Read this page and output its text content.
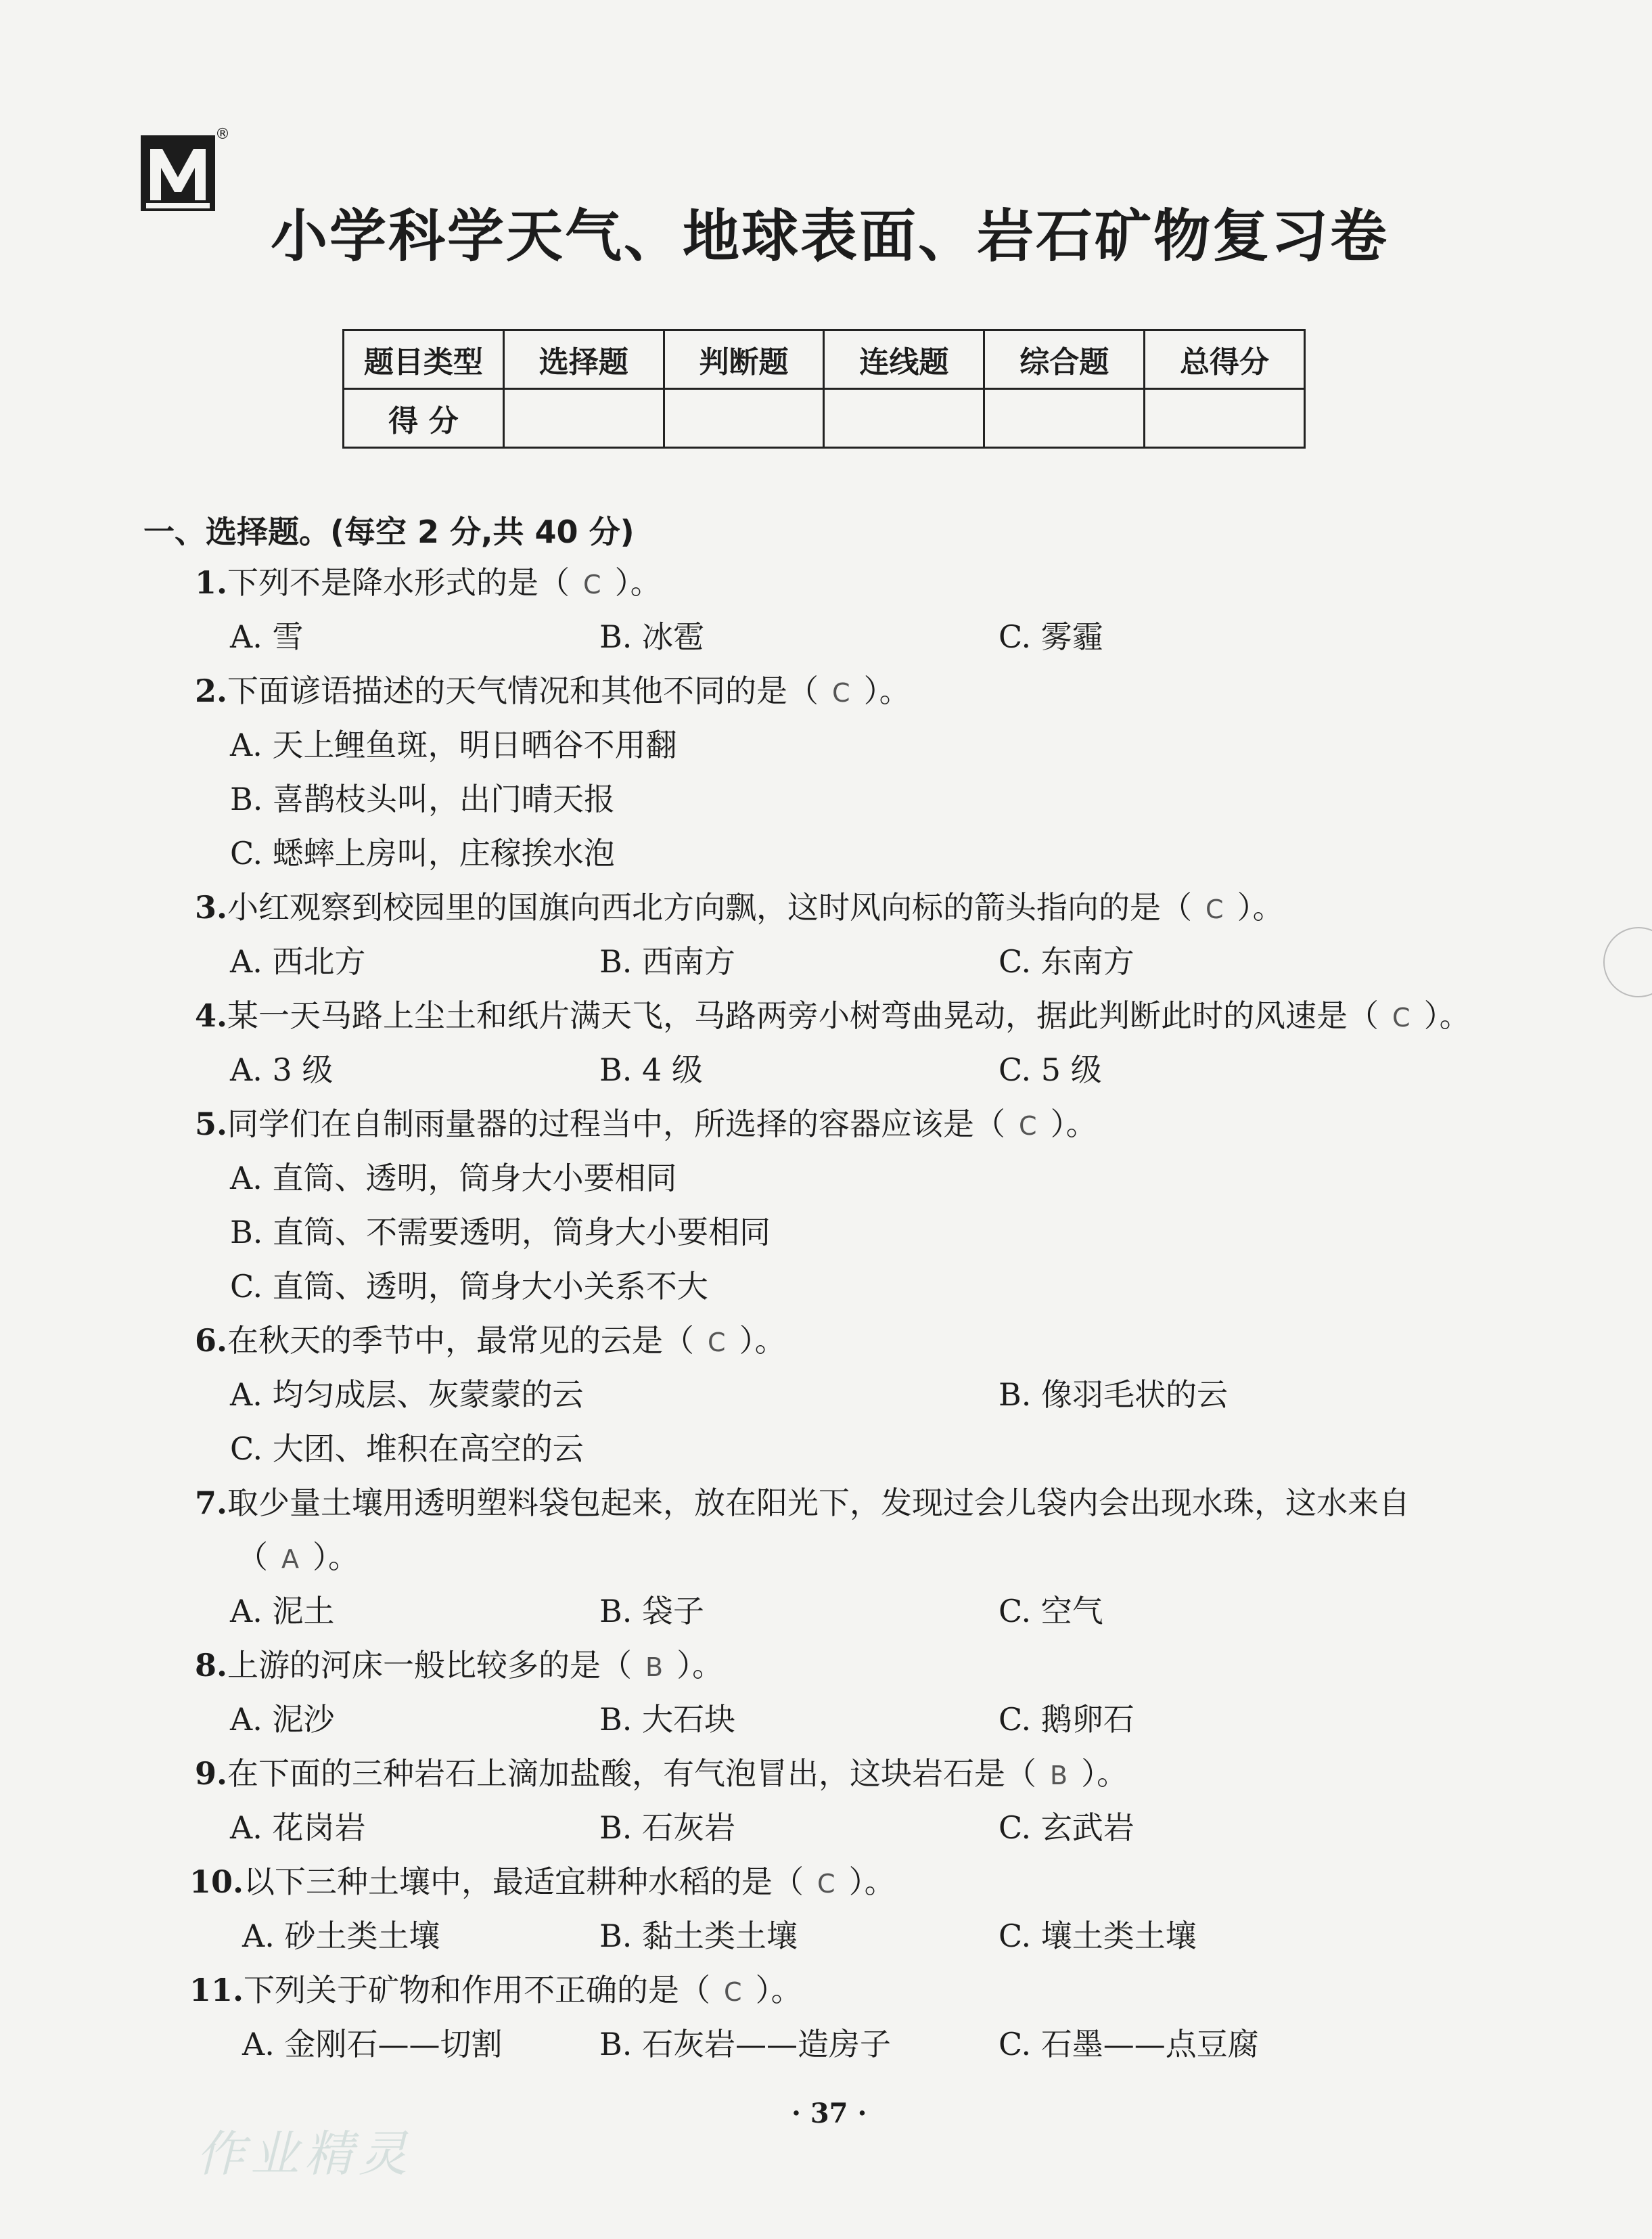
®
小学科学天气、地球表面、岩石矿物复习卷
题目类型	选择题	判断题	连线题	综合题	总得分
得 分					
一、选择题。(每空 2 分,共 40 分)
1.下列不是降水形式的是（ C ）。
A. 雪	B. 冰雹	C. 雾霾
2.下面谚语描述的天气情况和其他不同的是（ C ）。
A. 天上鲤鱼斑，明日晒谷不用翻
B. 喜鹊枝头叫，出门晴天报
C. 蟋蟀上房叫，庄稼挨水泡
3.小红观察到校园里的国旗向西北方向飘，这时风向标的箭头指向的是（ C ）。
A. 西北方	B. 西南方	C. 东南方
4.某一天马路上尘土和纸片满天飞，马路两旁小树弯曲晃动，据此判断此时的风速是（ C ）。
A. 3 级	B. 4 级	C. 5 级
5.同学们在自制雨量器的过程当中，所选择的容器应该是（ C ）。
A. 直筒、透明，筒身大小要相同
B. 直筒、不需要透明，筒身大小要相同
C. 直筒、透明，筒身大小关系不大
6.在秋天的季节中，最常见的云是（ C ）。
A. 均匀成层、灰蒙蒙的云	B. 像羽毛状的云
C. 大团、堆积在高空的云
7.取少量土壤用透明塑料袋包起来，放在阳光下，发现过会儿袋内会出现水珠，这水来自
（ A ）。
A. 泥土	B. 袋子	C. 空气
8.上游的河床一般比较多的是（ B ）。
A. 泥沙	B. 大石块	C. 鹅卵石
9.在下面的三种岩石上滴加盐酸，有气泡冒出，这块岩石是（ B ）。
A. 花岗岩	B. 石灰岩	C. 玄武岩
10.以下三种土壤中，最适宜耕种水稻的是（ C ）。
A. 砂土类土壤	B. 黏土类土壤	C. 壤土类土壤
11.下列关于矿物和作用不正确的是（ C ）。
A. 金刚石——切割	B. 石灰岩——造房子	C. 石墨——点豆腐
· 37 ·
作业精灵
